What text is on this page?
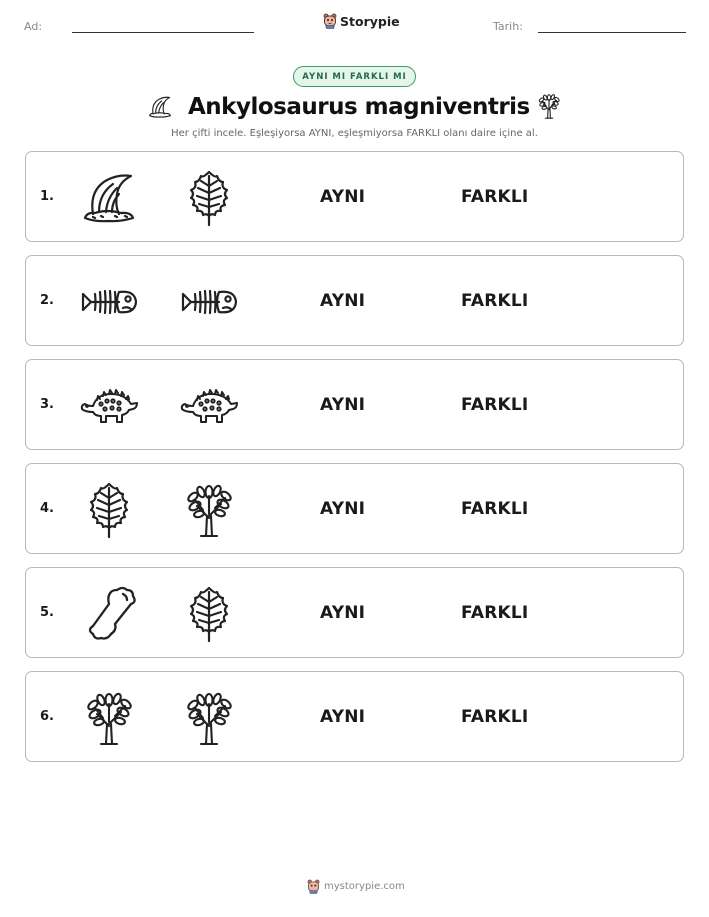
Ad:	Storypie	Tarih:
AYNI MI FARKLI MI
Ankylosaurus magniventris
Her çifti incele. Eşleşiyorsa AYNI, eşleşmiyorsa FARKLI olanı daire içine al.
1.	AYNI	FARKLI
2.	AYNI	FARKLI
3.	AYNI	FARKLI
4.	AYNI	FARKLI
5.	AYNI	FARKLI
6.	AYNI	FARKLI
mystorypie.com
